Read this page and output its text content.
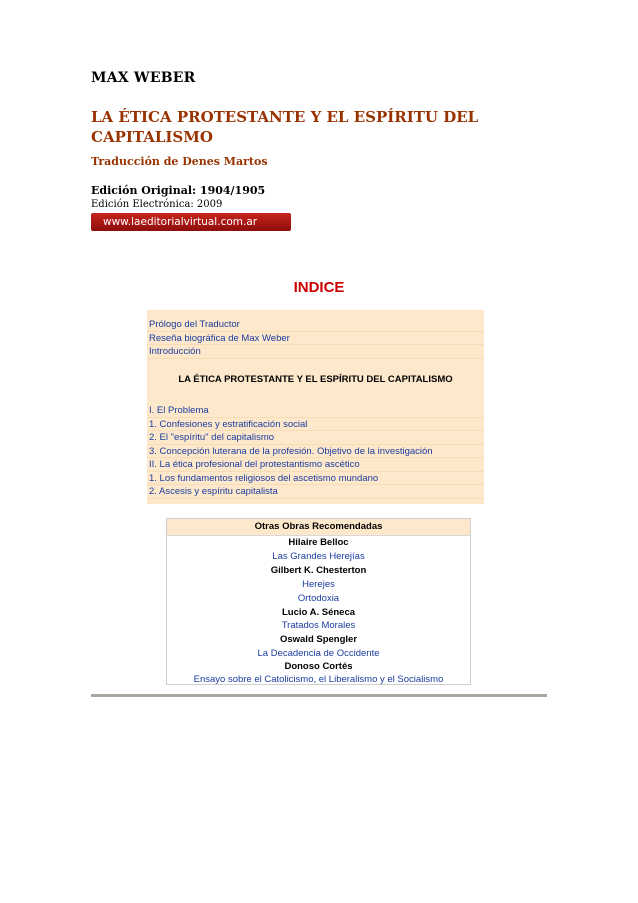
MAX WEBER
LA ÉTICA PROTESTANTE Y EL ESPÍRITU DEL CAPITALISMO
Traducción de Denes Martos
Edición Original: 1904/1905
Edición Electrónica: 2009
www.laeditorialvirtual.com.ar
INDICE
Prólogo del Traductor
Reseña biográfica de Max Weber
Introducción
LA ÉTICA PROTESTANTE Y EL ESPÍRITU DEL CAPITALISMO
I. El Problema
1. Confesiones y estratificación social
2. El "espíritu" del capitalismo
3. Concepción luterana de la profesión. Objetivo de la investigación
II. La ética profesional del protestantismo ascético
1. Los fundamentos religiosos del ascetismo mundano
2. Ascesis y espíritu capitalista
Otras Obras Recomendadas
Hilaire Belloc
Las Grandes Herejías
Gilbert K. Chesterton
Herejes
Ortodoxia
Lucio A. Séneca
Tratados Morales
Oswald Spengler
La Decadencia de Occidente
Donoso Cortés
Ensayo sobre el Catolicismo, el Liberalismo y el Socialismo
